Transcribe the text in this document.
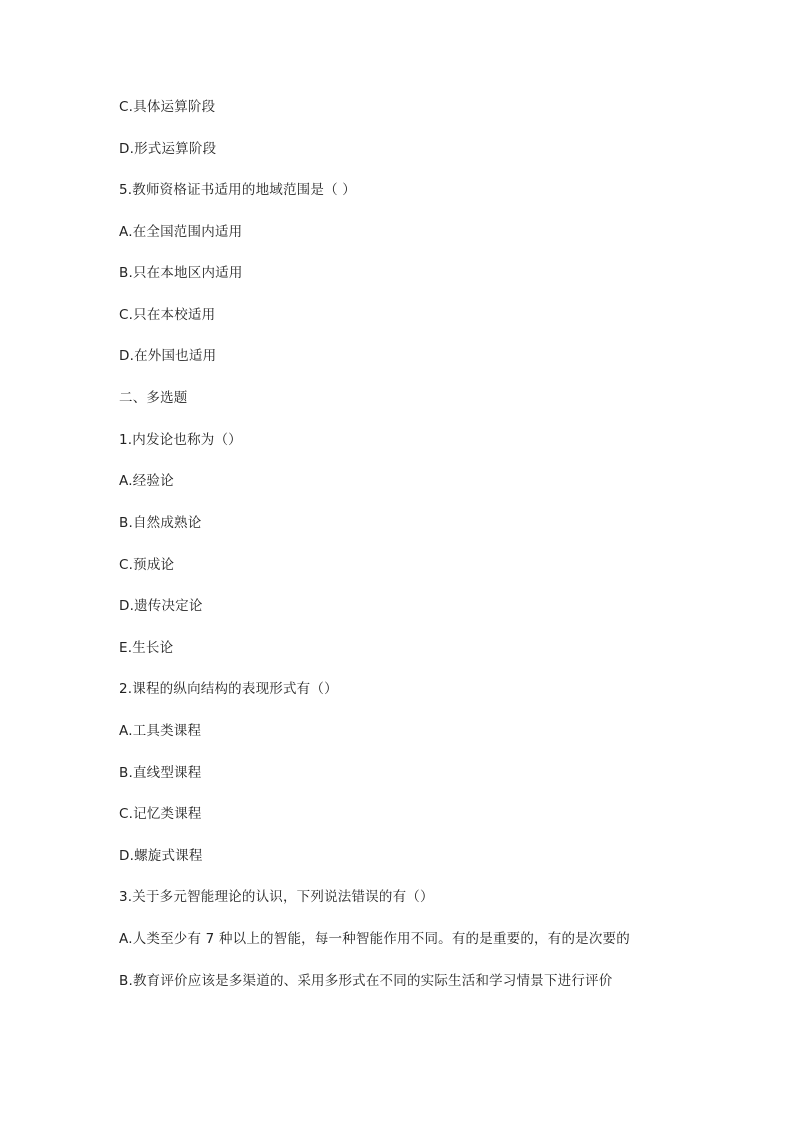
C.具体运算阶段
D.形式运算阶段
5.教师资格证书适用的地域范围是（ ）
A.在全国范围内适用
B.只在本地区内适用
C.只在本校适用
D.在外国也适用
二、多选题
1.内发论也称为（）
A.经验论
B.自然成熟论
C.预成论
D.遗传决定论
E.生长论
2.课程的纵向结构的表现形式有（）
A.工具类课程
B.直线型课程
C.记忆类课程
D.螺旋式课程
3.关于多元智能理论的认识，下列说法错误的有（）
A.人类至少有 7 种以上的智能，每一种智能作用不同。有的是重要的，有的是次要的
B.教育评价应该是多渠道的、采用多形式在不同的实际生活和学习情景下进行评价
